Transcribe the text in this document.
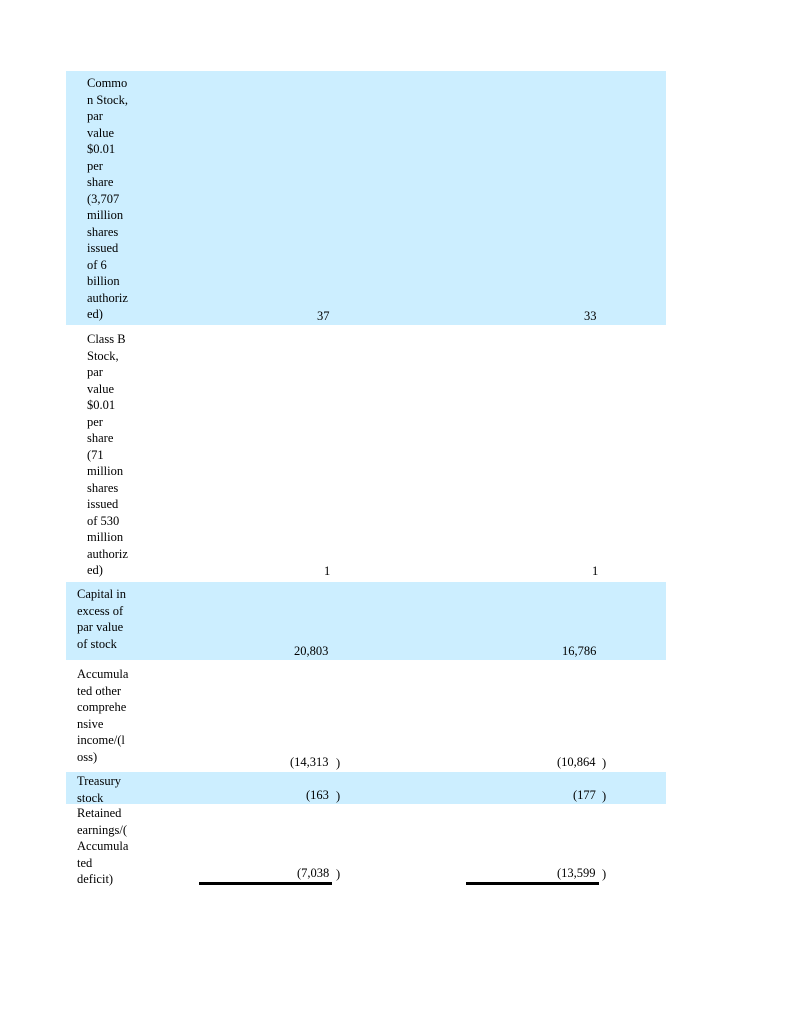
Commo
n Stock,
par
value
$0.01
per
share
(3,707
million
shares
issued
of 6
billion
authoriz
ed)	37	33
Class B
Stock,
par
value
$0.01
per
share
(71
million
shares
issued
of 530
million
authoriz
ed)	1	1
Capital in
excess of
par value
of stock
20,803	16,786
Accumula
ted other
comprehe
nsive
income/(l
oss)	(14,313 )	(10,864 )
Treasury
stock	(163 )	(177 )
Retained
earnings/(
Accumula
ted
deficit)	(7,038 )	(13,599 )
